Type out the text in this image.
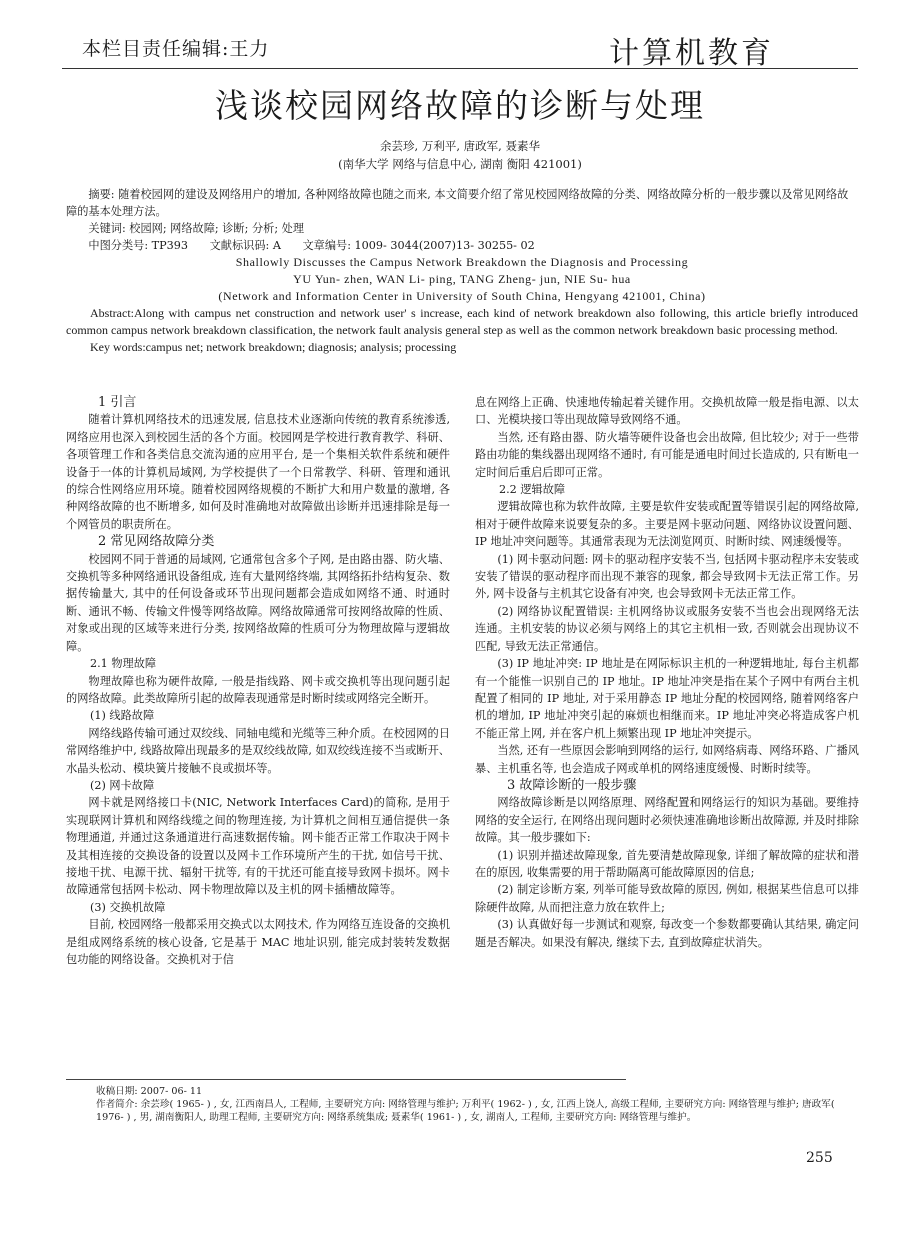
本栏目责任编辑:王力	计算机教育
浅谈校园网络故障的诊断与处理
余芸珍, 万利平, 唐政军, 聂素华
(南华大学 网络与信息中心, 湖南 衡阳 421001)

摘要: 随着校园网的建设及网络用户的增加, 各种网络故障也随之而来, 本文简要介绍了常见校园网络故障的分类、网络故障分析的一般步骤以及常见网络故障的基本处理方法。

关键词: 校园网; 网络故障; 诊断; 分析; 处理

中图分类号: TP393 文献标识码: A 文章编号: 1009- 3044(2007)13- 30255- 02

Shallowly Discusses the Campus Network Breakdown the Diagnosis and Processing

YU Yun- zhen, WAN Li- ping, TANG Zheng- jun, NIE Su- hua

(Network and Information Center in University of South China, Hengyang 421001, China)

Abstract:Along with campus net construction and network user' s increase, each kind of network breakdown also following, this article briefly introduced common campus network breakdown classification, the network fault analysis general step as well as the common network breakdown basic processing method.

Key words:campus net; network breakdown; diagnosis; analysis; processing

1 引言

随着计算机网络技术的迅速发展, 信息技术业逐渐向传统的教育系统渗透, 网络应用也深入到校园生活的各个方面。校园网是学校进行教育教学、科研、各项管理工作和各类信息交流沟通的应用平台, 是一个集相关软件系统和硬件设备于一体的计算机局域网, 为学校提供了一个日常教学、科研、管理和通讯的综合性网络应用环境。随着校园网络规模的不断扩大和用户数量的激增, 各种网络故障的也不断增多, 如何及时准确地对故障做出诊断并迅速排除是每一个网管员的职责所在。

2 常见网络故障分类

校园网不同于普通的局域网, 它通常包含多个子网, 是由路由器、防火墙、交换机等多种网络通讯设备组成, 连有大量网络终端, 其网络拓扑结构复杂、数据传输量大, 其中的任何设备或环节出现问题都会造成如网络不通、时通时断、通讯不畅、传输文件慢等网络故障。网络故障通常可按网络故障的性质、对象或出现的区域等来进行分类, 按网络故障的性质可分为物理故障与逻辑故障。

2.1 物理故障

物理故障也称为硬件故障, 一般是指线路、网卡或交换机等出现问题引起的网络故障。此类故障所引起的故障表现通常是时断时续或网络完全断开。

(1) 线路故障

网络线路传输可通过双绞线、同轴电缆和光缆等三种介质。在校园网的日常网络维护中, 线路故障出现最多的是双绞线故障, 如双绞线连接不当或断开、水晶头松动、模块簧片接触不良或损坏等。

(2) 网卡故障

网卡就是网络接口卡(NIC, Network Interfaces Card)的简称, 是用于实现联网计算机和网络线缆之间的物理连接, 为计算机之间相互通信提供一条物理通道, 并通过这条通道进行高速数据传输。网卡能否正常工作取决于网卡及其相连接的交换设备的设置以及网卡工作环境所产生的干扰, 如信号干扰、接地干扰、电源干扰、辐射干扰等, 有的干扰还可能直接导致网卡损坏。网卡故障通常包括网卡松动、网卡物理故障以及主机的网卡插槽故障等。

(3) 交换机故障

目前, 校园网络一般都采用交换式以太网技术, 作为网络互连设备的交换机是组成网络系统的核心设备, 它是基于 MAC 地址识别, 能完成封装转发数据包功能的网络设备。交换机对于信

息在网络上正确、快速地传输起着关键作用。交换机故障一般是指电源、以太口、光模块接口等出现故障导致网络不通。

当然, 还有路由器、防火墙等硬件设备也会出故障, 但比较少; 对于一些带路由功能的集线器出现网络不通时, 有可能是通电时间过长造成的, 只有断电一定时间后重启后即可正常。

2.2 逻辑故障

逻辑故障也称为软件故障, 主要是软件安装或配置等错误引起的网络故障, 相对于硬件故障来说要复杂的多。主要是网卡驱动问题、网络协议设置问题、IP 地址冲突问题等。其通常表现为无法浏览网页、时断时续、网速缓慢等。

(1) 网卡驱动问题: 网卡的驱动程序安装不当, 包括网卡驱动程序未安装或安装了错误的驱动程序而出现不兼容的现象, 都会导致网卡无法正常工作。另外, 网卡设备与主机其它设备有冲突, 也会导致网卡无法正常工作。

(2) 网络协议配置错误: 主机网络协议或服务安装不当也会出现网络无法连通。主机安装的协议必须与网络上的其它主机相一致, 否则就会出现协议不匹配, 导致无法正常通信。

(3) IP 地址冲突: IP 地址是在网际标识主机的一种逻辑地址, 每台主机都有一个能惟一识别自己的 IP 地址。IP 地址冲突是指在某个子网中有两台主机配置了相同的 IP 地址, 对于采用静态 IP 地址分配的校园网络, 随着网络客户机的增加, IP 地址冲突引起的麻烦也相继而来。IP 地址冲突必将造成客户机不能正常上网, 并在客户机上频繁出现 IP 地址冲突提示。

当然, 还有一些原因会影响到网络的运行, 如网络病毒、网络环路、广播风暴、主机重名等, 也会造成子网或单机的网络速度缓慢、时断时续等。

3 故障诊断的一般步骤

网络故障诊断是以网络原理、网络配置和网络运行的知识为基础。要维持网络的安全运行, 在网络出现问题时必须快速准确地诊断出故障源, 并及时排除故障。其一般步骤如下:

(1) 识别并描述故障现象, 首先要清楚故障现象, 详细了解故障的症状和潜在的原因, 收集需要的用于帮助隔离可能故障原因的信息;

(2) 制定诊断方案, 列举可能导致故障的原因, 例如, 根据某些信息可以排除硬件故障, 从而把注意力放在软件上;

(3) 认真做好每一步测试和观察, 每改变一个参数都要确认其结果, 确定问题是否解决。如果没有解决, 继续下去, 直到故障症状消失。

收稿日期: 2007- 06- 11

作者简介: 余芸珍( 1965- ) , 女, 江西南昌人, 工程师, 主要研究方向: 网络管理与维护; 万利平( 1962- ) , 女, 江西上饶人, 高级工程师, 主要研究方向: 网络管理与维护; 唐政军( 1976- ) , 男, 湖南衡阳人, 助理工程师, 主要研究方向: 网络系统集成; 聂素华( 1961- ) , 女, 湖南人, 工程师, 主要研究方向: 网络管理与维护。

255
